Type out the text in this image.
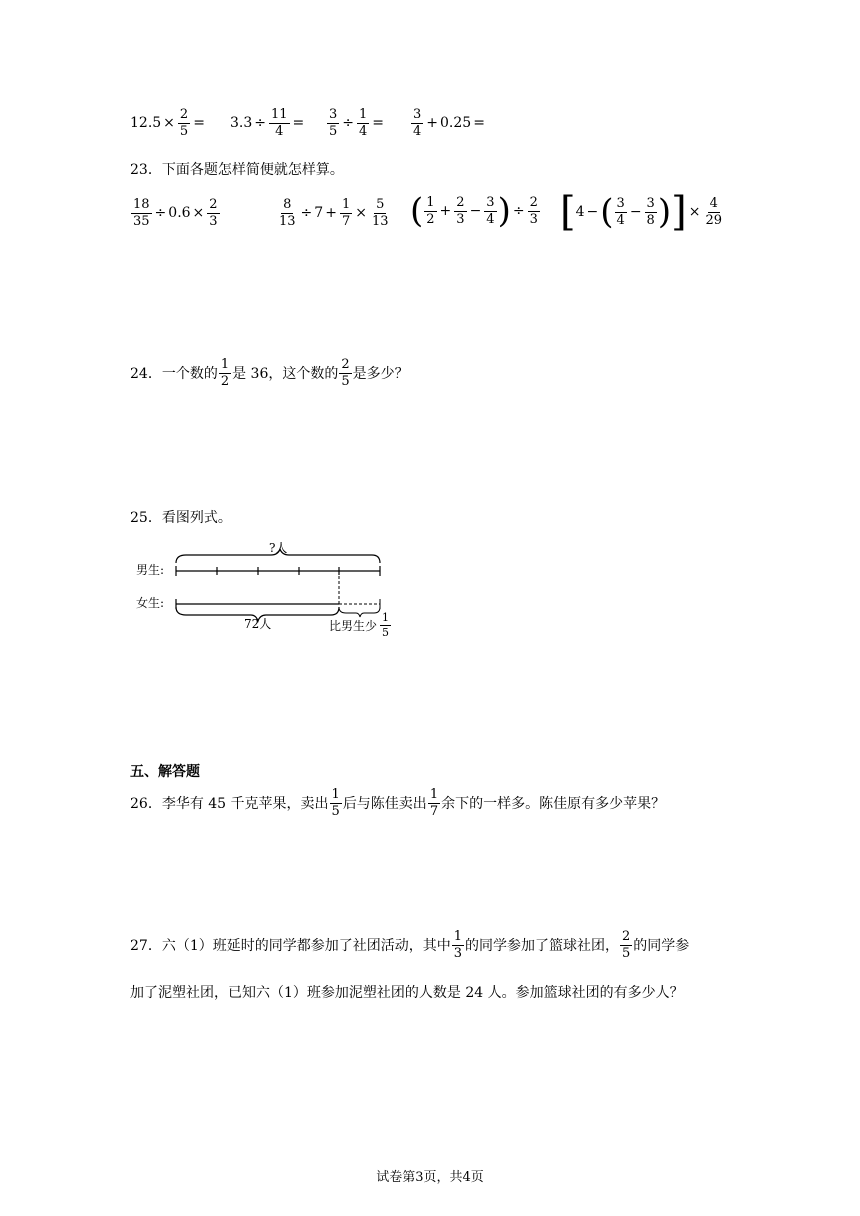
$12.5 \times \frac{2}{5} = 3.3 \div \frac{11}{4} = \frac{3}{5} \div \frac{1}{4} = \frac{3}{4} + 0.25$ =
23．下面各题怎样简便就怎样算。
$\frac{18}{35} \div 0.6 \times \frac{2}{3}$	$\frac{8}{13} \div 7 + \frac{1}{7} \times \frac{5}{13}$ ( $\frac{1}{2} + \frac{2}{3} - \frac{3}{4}$ ) ÷ $\frac{2}{3}$ [ 4 − ( $\frac{3}{4} - \frac{3}{8}$ ) ] × $\frac{4}{29}$
24．一个数的 $\frac{1}{2}$ 是 36，这个数的 $\frac{2}{5}$ 是多少？
25．看图列式。
男生:
女生:
?人
72人	比男生少 $\frac{1}{5}$
五、解答题
26．李华有 45 千克苹果，卖出 $\frac{1}{5}$ 后与陈佳卖出 $\frac{1}{7}$ 余下的一样多。陈佳原有多少苹果？
27．六（1）班延时的同学都参加了社团活动，其中 $\frac{1}{3}$ 的同学参加了篮球社团， $\frac{2}{5}$ 的同学参
加了泥塑社团，已知六（1）班参加泥塑社团的人数是 24 人。参加篮球社团的有多少人？
试卷第3页，共4页
